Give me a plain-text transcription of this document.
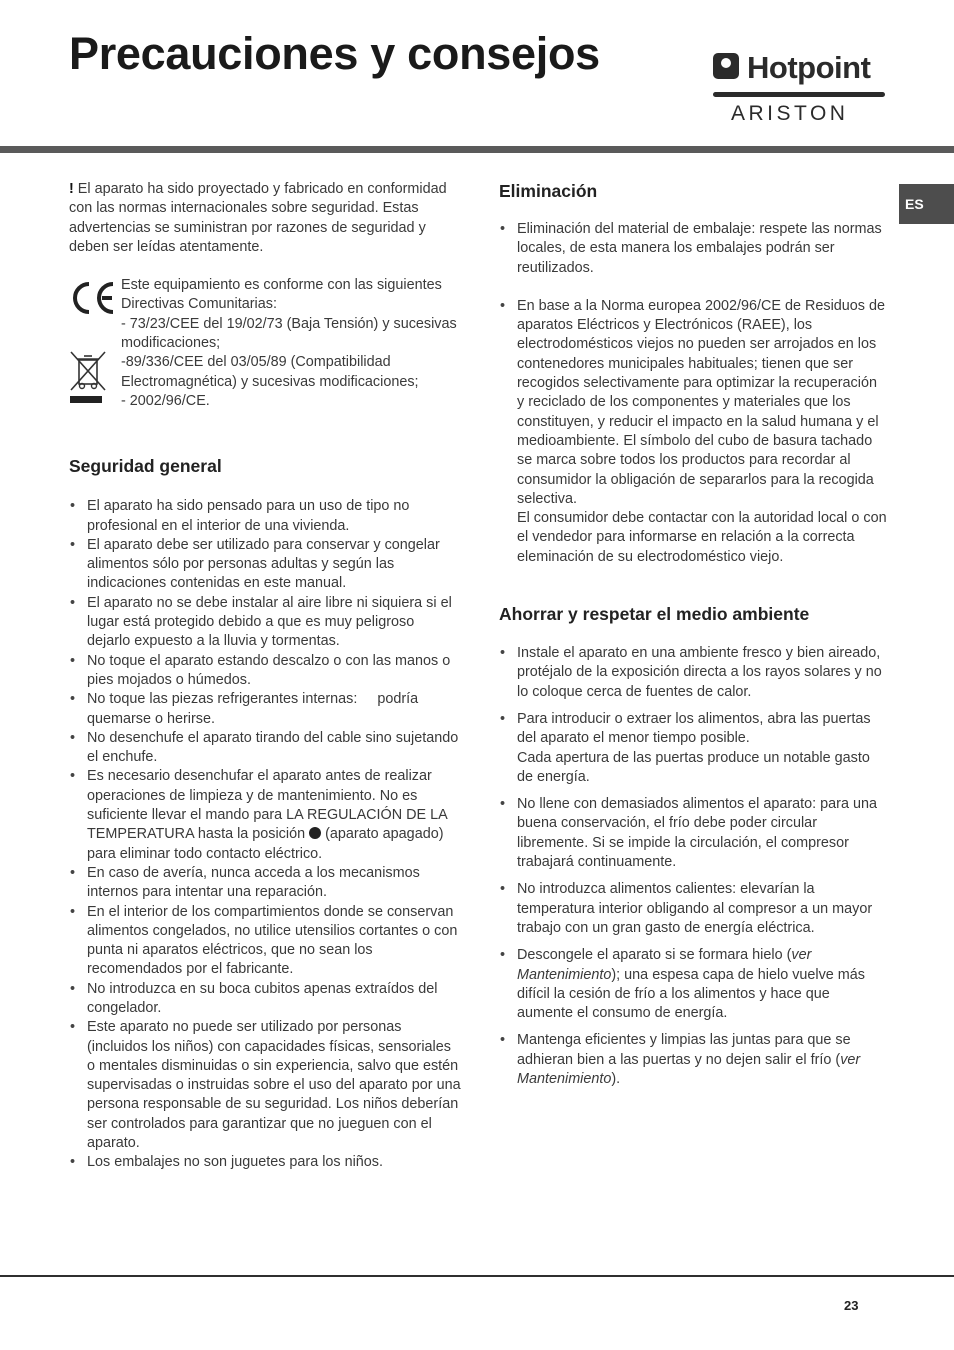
Precauciones y consejos	Hotpoint
ARISTON
ES

! El aparato ha sido proyectado y fabricado en conformidad con las normas internacionales sobre seguridad. Estas advertencias se suministran por razones de seguridad y deben ser leídas atentamente.

Este equipamiento es conforme con las siguientes Directivas Comunitarias:

- 73/23/CEE del 19/02/73 (Baja Tensión) y sucesivas modificaciones;

-89/336/CEE del 03/05/89 (Compatibilidad Electromagnética) y sucesivas modificaciones;

- 2002/96/CE.

Seguridad general
• El aparato ha sido pensado para un uso de tipo no profesional en el interior de una vivienda.
• El aparato debe ser utilizado para conservar y congelar alimentos sólo por personas adultas y según las indicaciones contenidas en este manual.
• El aparato no se debe instalar al aire libre ni siquiera si el lugar está protegido debido a que es muy peligroso dejarlo expuesto a la lluvia y tormentas.
• No toque el aparato estando descalzo o con las manos o pies mojados o húmedos.
• No toque las piezas refrigerantes internas:     podría quemarse o herirse.
• No desenchufe el aparato tirando del cable sino sujetando el enchufe.
• Es necesario desenchufar el aparato antes de realizar operaciones de limpieza y de mantenimiento. No es suficiente llevar el mando para LA REGULACIÓN DE LA TEMPERATURA hasta la posición  (aparato apagado) para eliminar todo contacto eléctrico.
• En caso de avería, nunca acceda a los mecanismos internos para intentar una reparación.
• En el interior de los compartimientos donde se conservan alimentos congelados, no utilice utensilios cortantes o con punta ni aparatos eléctricos, que no sean los recomendados por el fabricante.
• No introduzca en su boca cubitos apenas extraídos del congelador.
• Este aparato no puede ser utilizado por personas (incluidos los niños) con capacidades físicas, sensoriales o mentales disminuidas o sin experiencia, salvo que estén supervisadas o instruidas sobre el uso del aparato por una persona responsable de su seguridad. Los niños deberían ser controlados para garantizar que no jueguen con el aparato.
• Los embalajes no son juguetes para los niños.
Eliminación
• Eliminación del material de embalaje: respete las normas locales, de esta manera los embalajes podrán ser reutilizados.

• En base a la Norma europea 2002/96/CE de Residuos de aparatos Eléctricos y Electrónicos (RAEE), los electrodomésticos viejos no pueden ser arrojados en los contenedores municipales habituales; tienen que ser recogidos selectivamente para optimizar la recuperación y reciclado de los componentes y materiales que los constituyen, y reducir el impacto en la salud humana y el medioambiente. El símbolo del cubo de basura tachado se marca sobre todos los productos para recordar al consumidor la obligación de separarlos para la recogida selectiva.

El consumidor debe contactar con la autoridad local o con el vendedor para informarse en relación a la correcta eleminación de su electrodoméstico viejo.

Ahorrar y respetar el medio ambiente
• Instale el aparato en una ambiente fresco y bien aireado, protéjalo de la exposición directa a los rayos solares y no lo coloque cerca de fuentes de calor.

• Para introducir o extraer los alimentos, abra las puertas del aparato el menor tiempo posible.

Cada apertura de las puertas produce un notable gasto de energía.

• No llene con demasiados alimentos el aparato: para una buena conservación, el frío debe poder circular libremente. Si se impide la circulación, el compresor trabajará continuamente.
• No introduzca alimentos calientes: elevarían la temperatura interior obligando al compresor a un mayor trabajo con un gran gasto de energía eléctrica.
• Descongele el aparato si se formara hielo (ver Mantenimiento); una espesa capa de hielo vuelve más difícil la cesión de frío a los alimentos y hace que aumente el consumo de energía.
• Mantenga eficientes y limpias las juntas para que se adhieran bien a las puertas y no dejen salir el frío (ver Mantenimiento).
23
